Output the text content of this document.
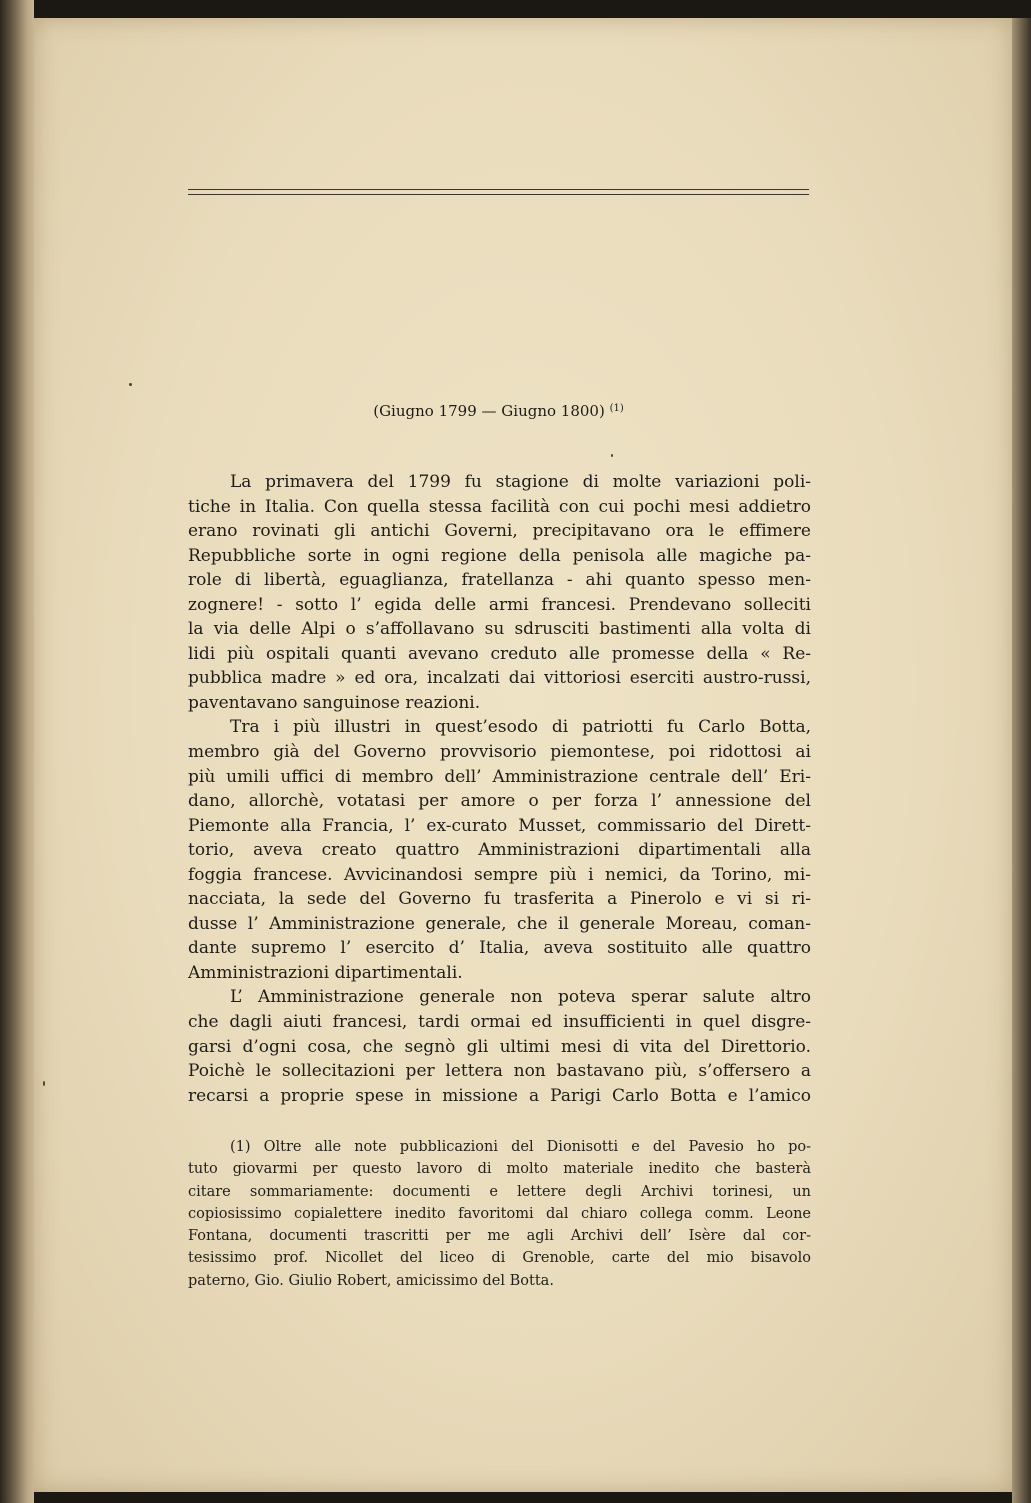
(Giugno 1799 — Giugno 1800) $^{(1)}$
La primavera del 1799 fu stagione di molte variazioni poli-
tiche in Italia. Con quella stessa facilità con cui pochi mesi addietro
erano rovinati gli antichi Governi, precipitavano ora le effimere
Repubbliche sorte in ogni regione della penisola alle magiche pa-
role di libertà, eguaglianza, fratellanza - ahi quanto spesso men-
zognere! - sotto l’ egida delle armi francesi. Prendevano solleciti
la via delle Alpi o s’affollavano su sdrusciti bastimenti alla volta di
lidi più ospitali quanti avevano creduto alle promesse della « Re-
pubblica madre » ed ora, incalzati dai vittoriosi eserciti austro-russi,
paventavano sanguinose reazioni.
Tra i più illustri in quest’esodo di patriotti fu Carlo Botta,
membro già del Governo provvisorio piemontese, poi ridottosi ai
più umili uffici di membro dell’ Amministrazione centrale dell’ Eri-
dano, allorchè, votatasi per amore o per forza l’ annessione del
Piemonte alla Francia, l’ ex-curato Musset, commissario del Dirett-
torio, aveva creato quattro Amministrazioni dipartimentali alla
foggia francese. Avvicinandosi sempre più i nemici, da Torino, mi-
nacciata, la sede del Governo fu trasferita a Pinerolo e vi si ri-
dusse l’ Amministrazione generale, che il generale Moreau, coman-
dante supremo l’ esercito d’ Italia, aveva sostituito alle quattro
Amministrazioni dipartimentali.
L’ Amministrazione generale non poteva sperar salute altro
che dagli aiuti francesi, tardi ormai ed insufficienti in quel disgre-
garsi d’ogni cosa, che segnò gli ultimi mesi di vita del Direttorio.
Poichè le sollecitazioni per lettera non bastavano più, s’offersero a
recarsi a proprie spese in missione a Parigi Carlo Botta e l’amico
(1) Oltre alle note pubblicazioni del Dionisotti e del Pavesio ho po-
tuto giovarmi per questo lavoro di molto materiale inedito che basterà
citare sommariamente: documenti e lettere degli Archivi torinesi, un
copiosissimo copialettere inedito favoritomi dal chiaro collega comm. Leone
Fontana, documenti trascritti per me agli Archivi dell’ Isère dal cor-
tesissimo prof. Nicollet del liceo di Grenoble, carte del mio bisavolo
paterno, Gio. Giulio Robert, amicissimo del Botta.
